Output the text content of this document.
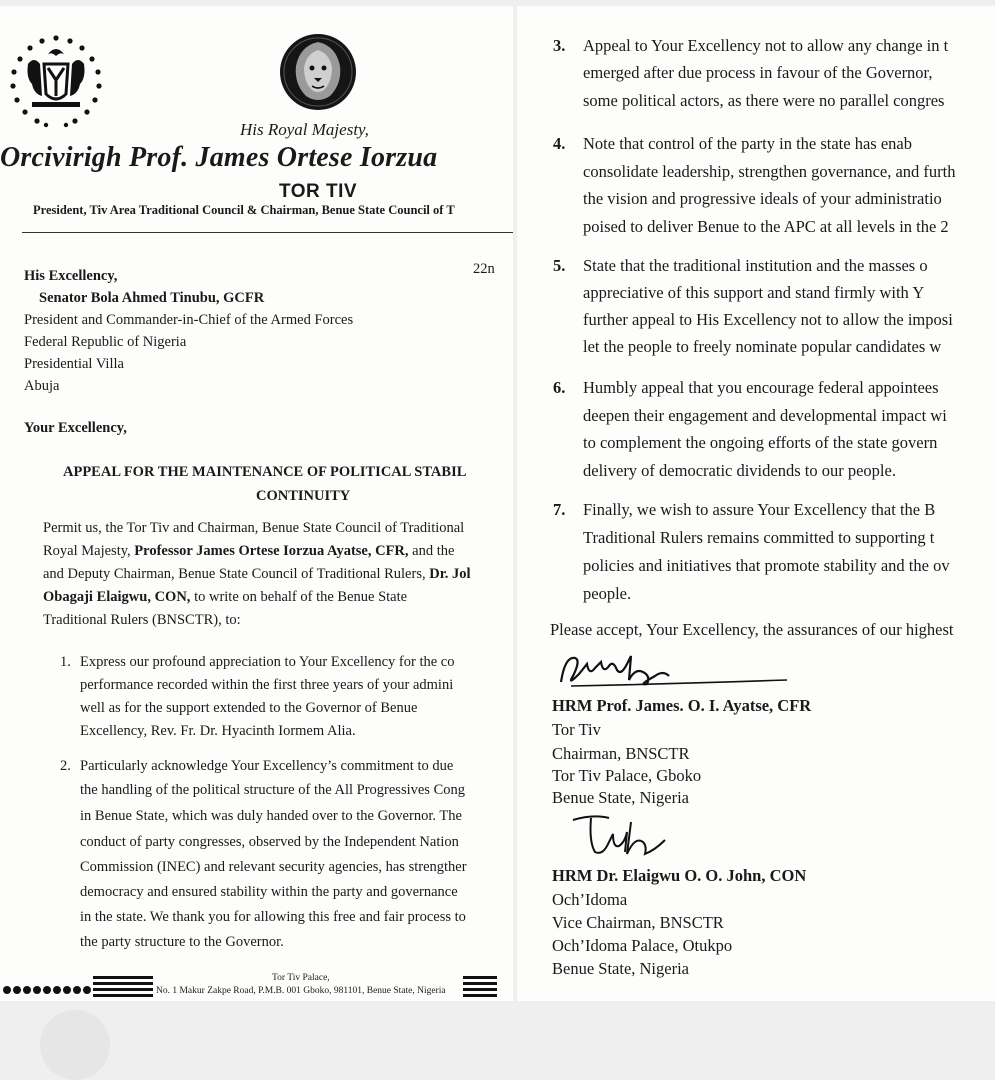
His Royal Majesty,
Orcivirigh Prof. James Ortese Iorzua
TOR TIV
President, Tiv Area Traditional Council & Chairman, Benue State Council of T
22n
His Excellency,
Senator Bola Ahmed Tinubu, GCFR
President and Commander-in-Chief of the Armed Forces
Federal Republic of Nigeria
Presidential Villa
Abuja
Your Excellency,
APPEAL FOR THE MAINTENANCE OF POLITICAL STABIL
CONTINUITY
Permit us, the Tor Tiv and Chairman, Benue State Council of Traditional
Royal Majesty, Professor James Ortese Iorzua Ayatse, CFR, and the
and Deputy Chairman, Benue State Council of Traditional Rulers, Dr. Jol
Obagaji Elaigwu, CON, to write on behalf of the Benue State
Traditional Rulers (BNSCTR), to:
1. Express our profound appreciation to Your Excellency for the co
performance recorded within the first three years of your admini
well as for the support extended to the Governor of Benue
Excellency, Rev. Fr. Dr. Hyacinth Iormem Alia.
2. Particularly acknowledge Your Excellency’s commitment to due
the handling of the political structure of the All Progressives Cong
in Benue State, which was duly handed over to the Governor. The
conduct of party congresses, observed by the Independent Nation
Commission (INEC) and relevant security agencies, has strengther
democracy and ensured stability within the party and governance
in the state. We thank you for allowing this free and fair process to
the party structure to the Governor.
Tor Tiv Palace,
No. 1 Makur Zakpe Road, P.M.B. 001 Gboko, 981101, Benue State, Nigeria
3. Appeal to Your Excellency not to allow any change in t
emerged after due process in favour of the Governor,
some political actors, as there were no parallel congres
4. Note that control of the party in the state has enab
consolidate leadership, strengthen governance, and furth
the vision and progressive ideals of your administratio
poised to deliver Benue to the APC at all levels in the 2
5. State that the traditional institution and the masses o
appreciative of this support and stand firmly with Y
further appeal to His Excellency not to allow the imposi
let the people to freely nominate popular candidates w
6. Humbly appeal that you encourage federal appointees
deepen their engagement and developmental impact wi
to complement the ongoing efforts of the state govern
delivery of democratic dividends to our people.
7. Finally, we wish to assure Your Excellency that the B
Traditional Rulers remains committed to supporting t
policies and initiatives that promote stability and the ov
people.
Please accept, Your Excellency, the assurances of our highest
HRM Prof. James. O. I. Ayatse, CFR
Tor Tiv
Chairman, BNSCTR
Tor Tiv Palace, Gboko
Benue State, Nigeria
HRM Dr. Elaigwu O. O. John, CON
Och’Idoma
Vice Chairman, BNSCTR
Och’Idoma Palace, Otukpo
Benue State, Nigeria
